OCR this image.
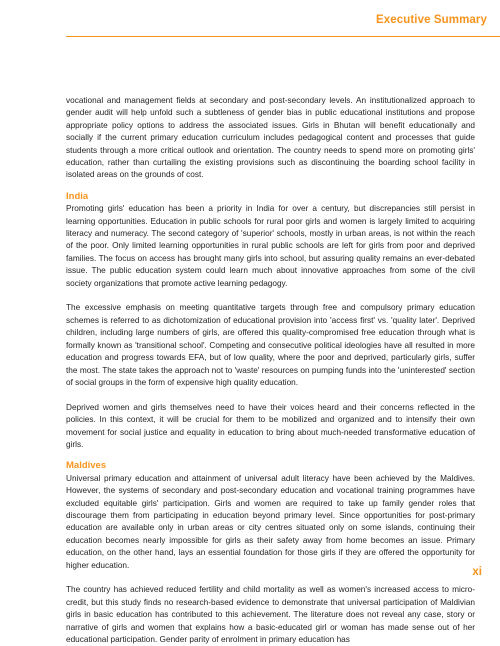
Executive Summary

vocational and management fields at secondary and post-secondary levels. An institutionalized approach to gender audit will help unfold such a subtleness of gender bias in public educational institutions and propose appropriate policy options to address the associated issues. Girls in Bhutan will benefit educationally and socially if the current primary education curriculum includes pedagogical content and processes that guide students through a more critical outlook and orientation. The country needs to spend more on promoting girls' education, rather than curtailing the existing provisions such as discontinuing the boarding school facility in isolated areas on the grounds of cost.

India

Promoting girls' education has been a priority in India for over a century, but discrepancies still persist in learning opportunities. Education in public schools for rural poor girls and women is largely limited to acquiring literacy and numeracy. The second category of 'superior' schools, mostly in urban areas, is not within the reach of the poor. Only limited learning opportunities in rural public schools are left for girls from poor and deprived families. The focus on access has brought many girls into school, but assuring quality remains an ever-debated issue. The public education system could learn much about innovative approaches from some of the civil society organizations that promote active learning pedagogy.

The excessive emphasis on meeting quantitative targets through free and compulsory primary education schemes is referred to as dichotomization of educational provision into 'access first' vs. 'quality later'. Deprived children, including large numbers of girls, are offered this quality-compromised free education through what is formally known as 'transitional school'. Competing and consecutive political ideologies have all resulted in more education and progress towards EFA, but of low quality, where the poor and deprived, particularly girls, suffer the most. The state takes the approach not to 'waste' resources on pumping funds into the 'uninterested' section of social groups in the form of expensive high quality education.

Deprived women and girls themselves need to have their voices heard and their concerns reflected in the policies. In this context, it will be crucial for them to be mobilized and organized and to intensify their own movement for social justice and equality in education to bring about much-needed transformative education of girls.

Maldives

Universal primary education and attainment of universal adult literacy have been achieved by the Maldives. However, the systems of secondary and post-secondary education and vocational training programmes have excluded equitable girls' participation. Girls and women are required to take up family gender roles that discourage them from participating in education beyond primary level. Since opportunities for post-primary education are available only in urban areas or city centres situated only on some islands, continuing their education becomes nearly impossible for girls as their safety away from home becomes an issue. Primary education, on the other hand, lays an essential foundation for those girls if they are offered the opportunity for higher education.

The country has achieved reduced fertility and child mortality as well as women's increased access to micro-credit, but this study finds no research-based evidence to demonstrate that universal participation of Maldivian girls in basic education has contributed to this achievement. The literature does not reveal any case, story or narrative of girls and women that explains how a basic-educated girl or woman has made sense out of her educational participation. Gender parity of enrolment in primary education has

xi
